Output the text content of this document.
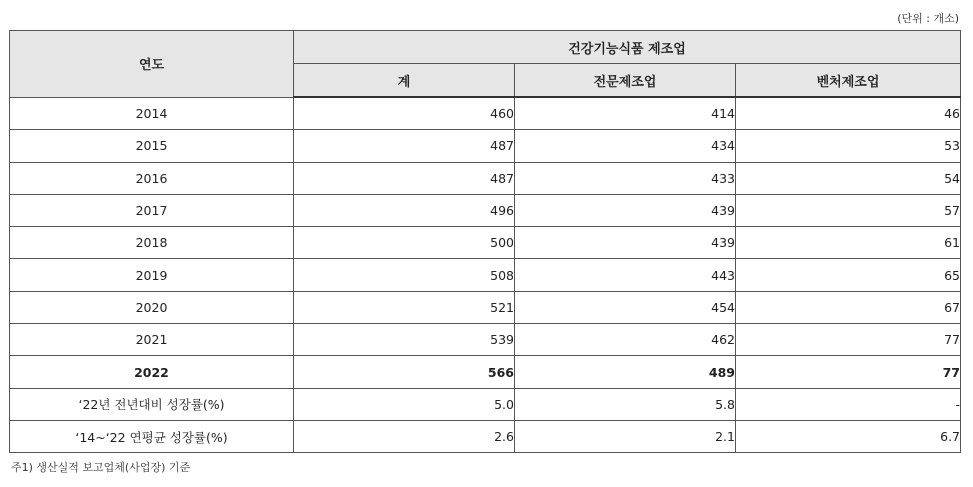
(단위 : 개소)
연도	건강기능식품 제조업		
	계	전문제조업	벤처제조업
2014	460	414	46
2015	487	434	53
2016	487	433	54
2017	496	439	57
2018	500	439	61
2019	508	443	65
2020	521	454	67
2021	539	462	77
2022	566	489	77
‘22년 전년대비 성장률(%)	5.0	5.8	-
‘14~‘22 연평균 성장률(%)	2.6	2.1	6.7
주1) 생산실적 보고업체(사업장) 기준
